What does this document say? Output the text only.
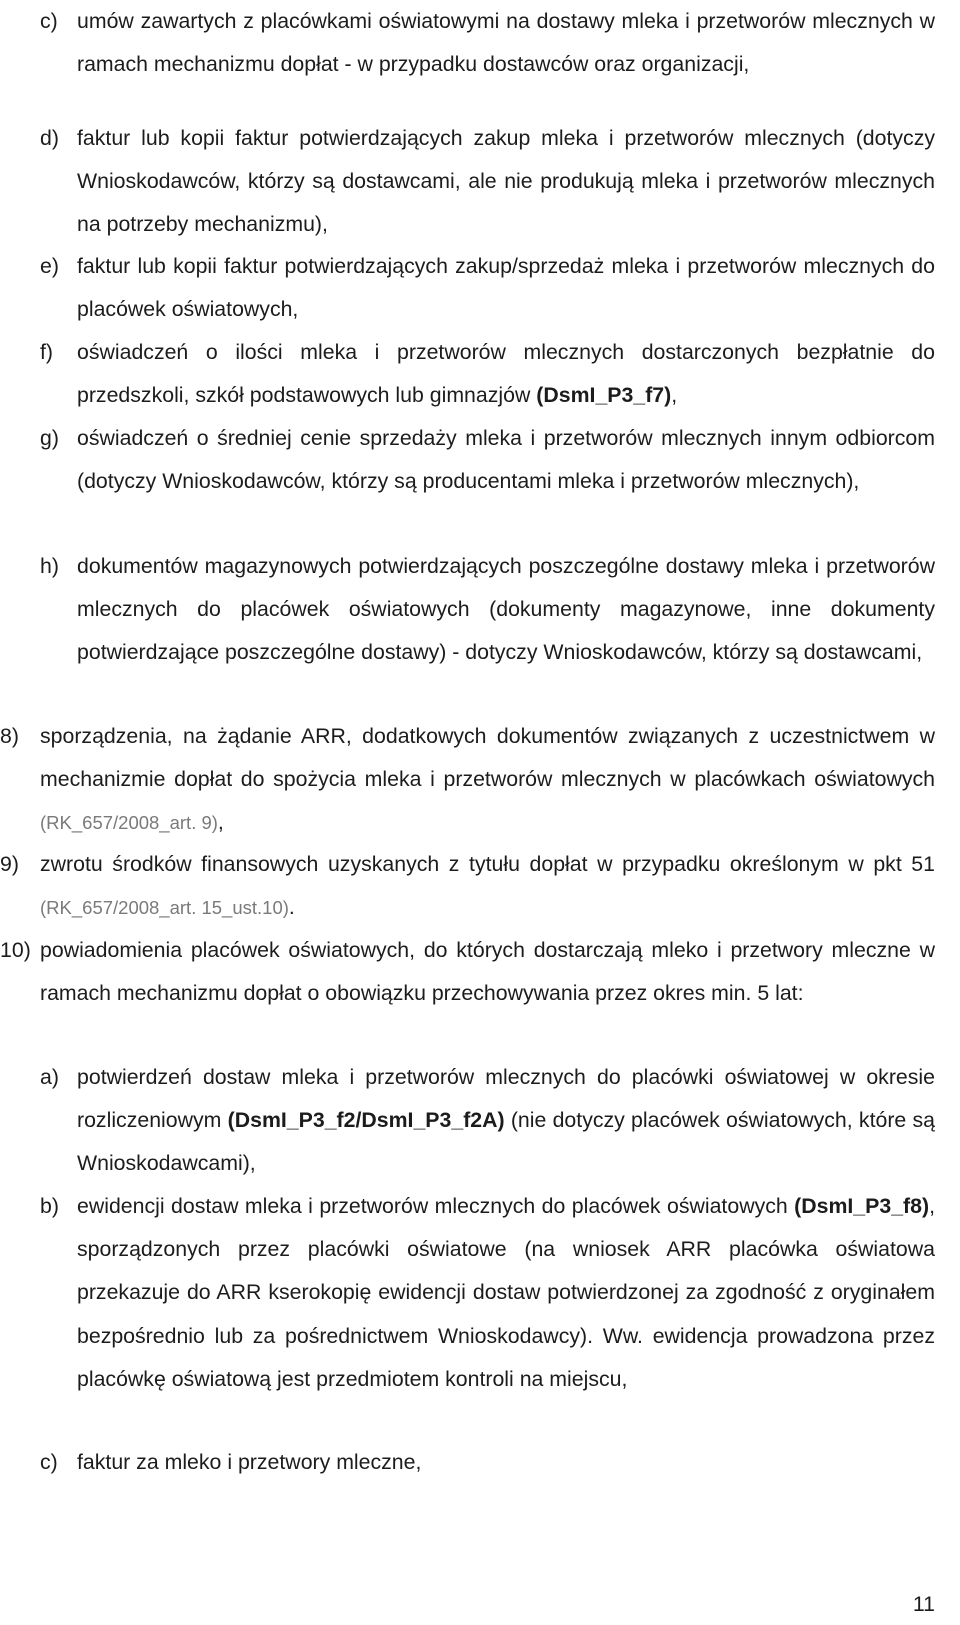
c) umów zawartych z placówkami oświatowymi na dostawy mleka i przetworów mlecznych w ramach mechanizmu dopłat - w przypadku dostawców oraz organizacji,
d) faktur lub kopii faktur potwierdzających zakup mleka i przetworów mlecznych (dotyczy Wnioskodawców, którzy są dostawcami, ale nie produkują mleka i przetworów mlecznych na potrzeby mechanizmu),
e) faktur lub kopii faktur potwierdzających zakup/sprzedaż mleka i przetworów mlecznych do placówek oświatowych,
f) oświadczeń o ilości mleka i przetworów mlecznych dostarczonych bezpłatnie do przedszkoli, szkół podstawowych lub gimnazjów (DsmI_P3_f7),
g) oświadczeń o średniej cenie sprzedaży mleka i przetworów mlecznych innym odbiorcom (dotyczy Wnioskodawców, którzy są producentami mleka i przetworów mlecznych),
h) dokumentów magazynowych potwierdzających poszczególne dostawy mleka i przetworów mlecznych do placówek oświatowych (dokumenty magazynowe, inne dokumenty potwierdzające poszczególne dostawy) - dotyczy Wnioskodawców, którzy są dostawcami,
8) sporządzenia, na żądanie ARR, dodatkowych dokumentów związanych z uczestnictwem w mechanizmie dopłat do spożycia mleka i przetworów mlecznych w placówkach oświatowych (RK_657/2008_art. 9),
9) zwrotu środków finansowych uzyskanych z tytułu dopłat w przypadku określonym w pkt 51 (RK_657/2008_art. 15_ust.10).
10) powiadomienia placówek oświatowych, do których dostarczają mleko i przetwory mleczne w ramach mechanizmu dopłat o obowiązku przechowywania przez okres min. 5 lat:
a) potwierdzeń dostaw mleka i przetworów mlecznych do placówki oświatowej w okresie rozliczeniowym (DsmI_P3_f2/DsmI_P3_f2A) (nie dotyczy placówek oświatowych, które są Wnioskodawcami),
b) ewidencji dostaw mleka i przetworów mlecznych do placówek oświatowych (DsmI_P3_f8), sporządzonych przez placówki oświatowe (na wniosek ARR placówka oświatowa przekazuje do ARR kserokopię ewidencji dostaw potwierdzonej za zgodność z oryginałem bezpośrednio lub za pośrednictwem Wnioskodawcy). Ww. ewidencja prowadzona przez placówkę oświatową jest przedmiotem kontroli na miejscu,
c) faktur za mleko i przetwory mleczne,
11
